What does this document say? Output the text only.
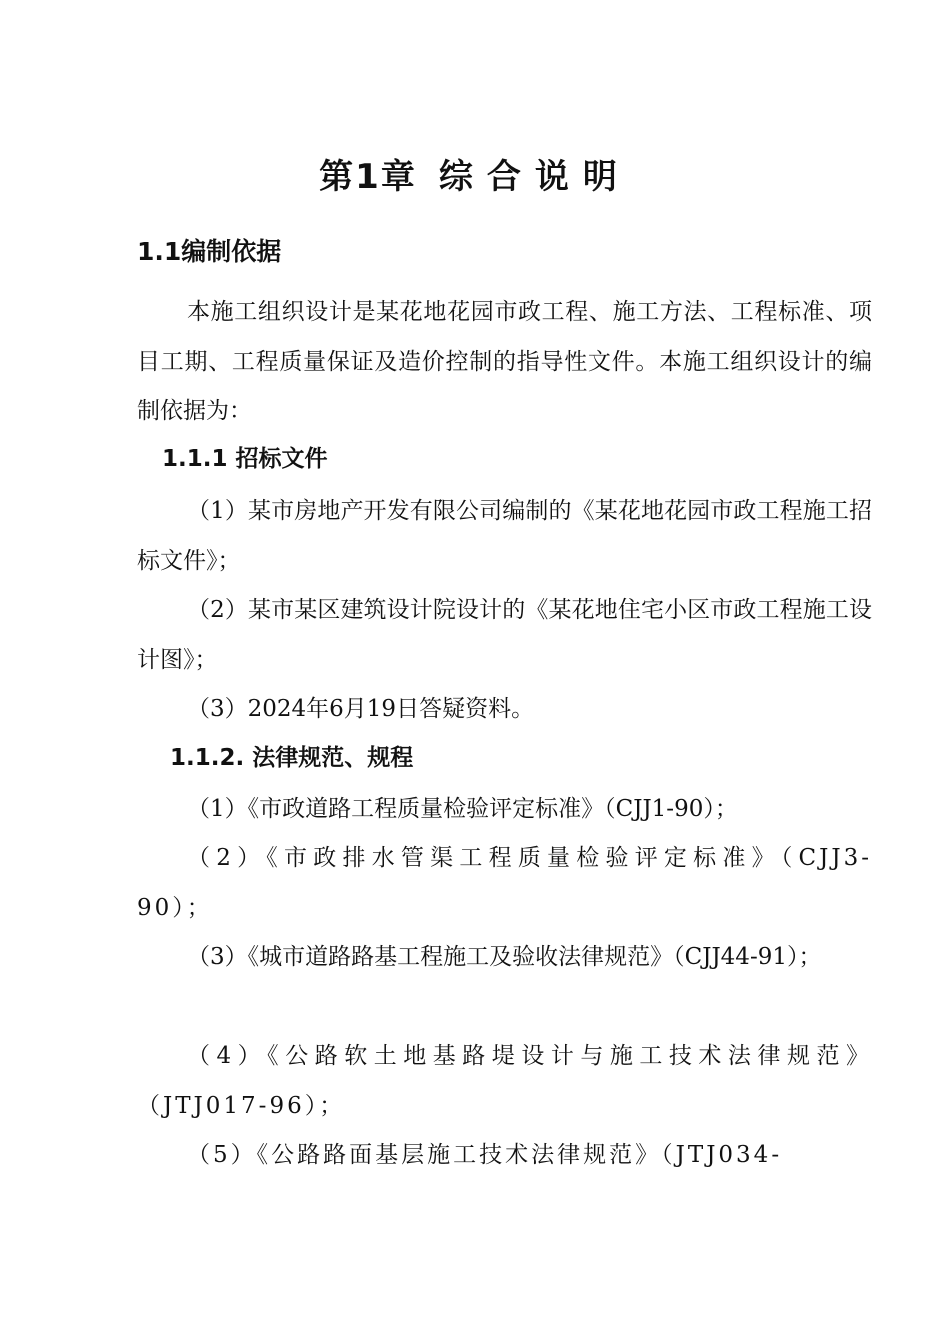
第1章 综合说明
1.1编制依据
本施工组织设计是某花地花园市政工程、施工方法、工程标准、项目工期、工程质量保证及造价控制的指导性文件。本施工组织设计的编制依据为：
1.1.1 招标文件
（1）某市房地产开发有限公司编制的《某花地花园市政工程施工招标文件》；
（2）某市某区建筑设计院设计的《某花地住宅小区市政工程施工设计图》；
（3）2024年6月19日答疑资料。
1.1.2. 法律规范、规程
（1）《市政道路工程质量检验评定标准》（CJJ1-90）；
（2）《市政排水管渠工程质量检验评定标准》（CJJ3-90）；
（3）《城市道路路基工程施工及验收法律规范》（CJJ44-91）；
（4）《公路软土地基路堤设计与施工技术法律规范》（JTJ017-96）；
（5）《公路路面基层施工技术法律规范》（JTJ034-
